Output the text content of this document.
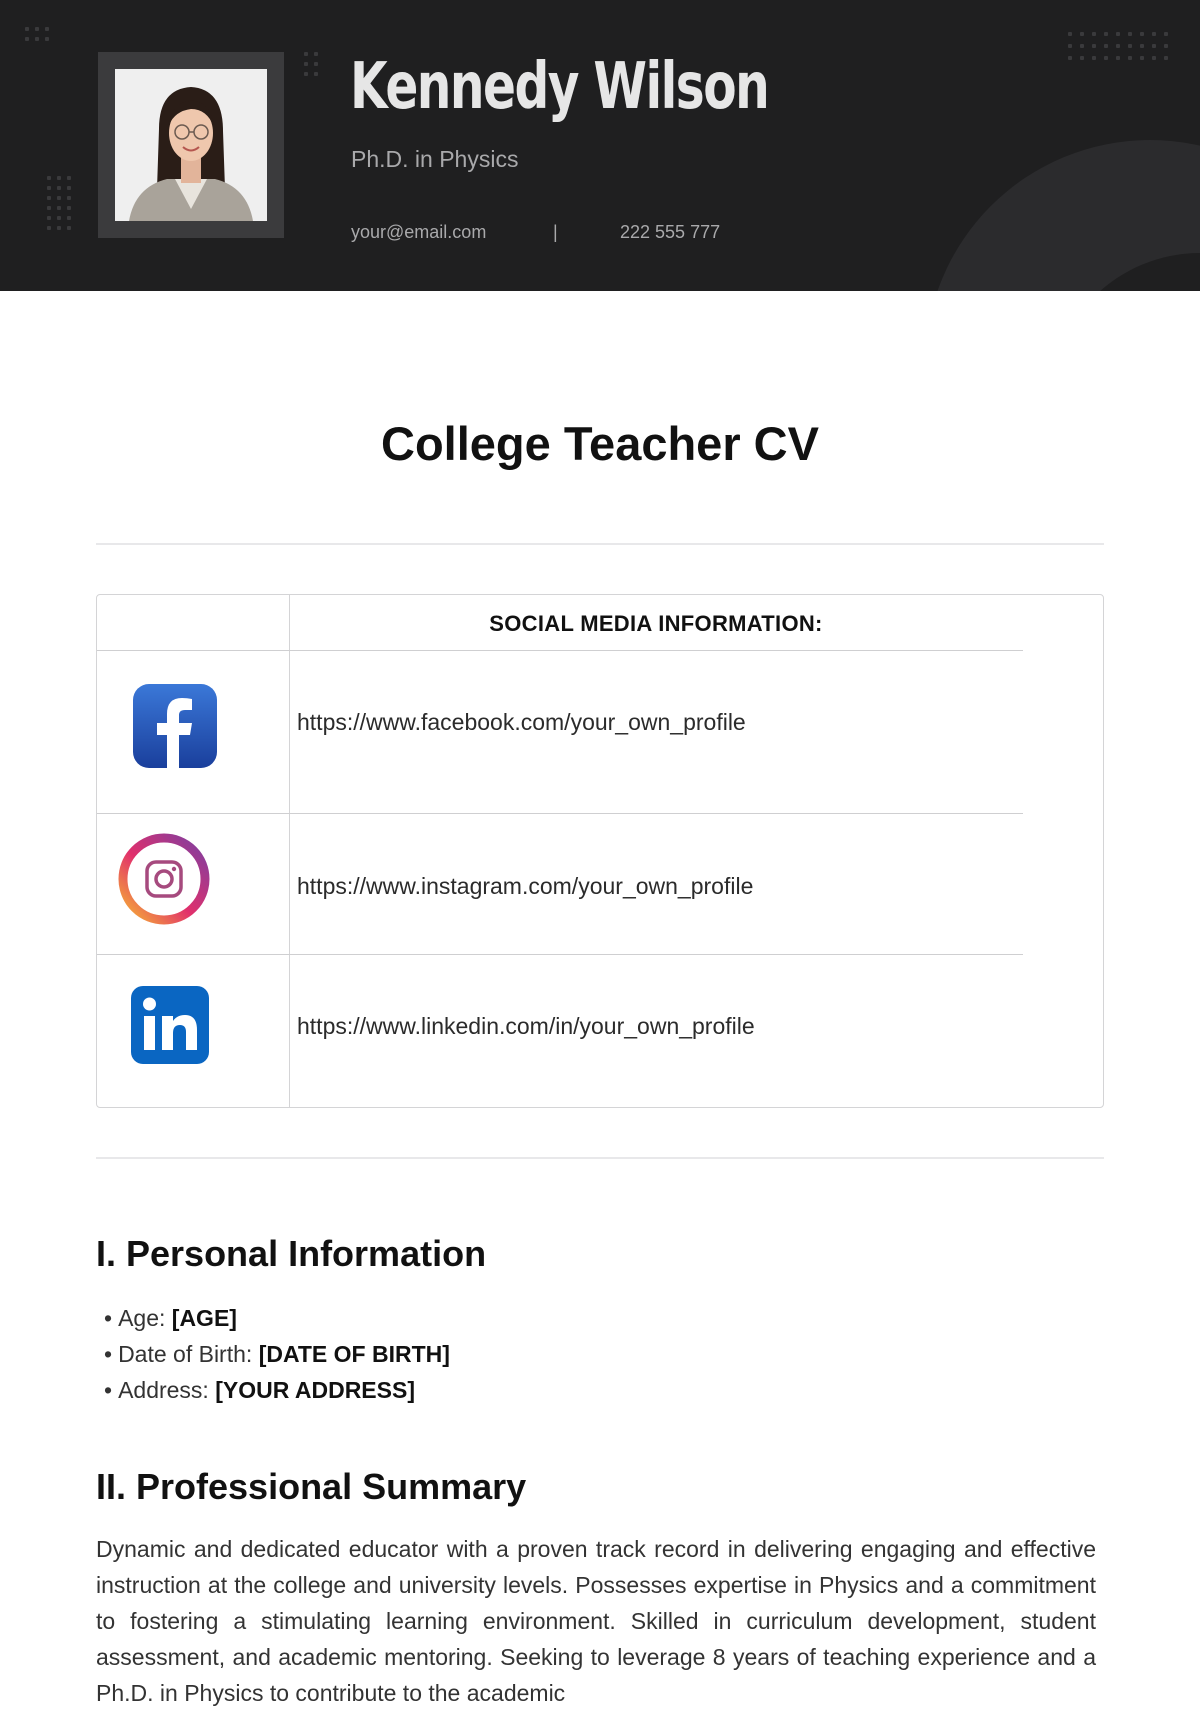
Kennedy Wilson
Ph.D. in Physics
your@email.com	|	222 555 777
College Teacher CV
SOCIAL MEDIA INFORMATION:
https://www.facebook.com/your_own_profile
https://www.instagram.com/your_own_profile
https://www.linkedin.com/in/your_own_profile
I. Personal Information
• Age: [AGE]
• Date of Birth: [DATE OF BIRTH]
• Address: [YOUR ADDRESS]
II. Professional Summary

Dynamic and dedicated educator with a proven track record in delivering engaging and effective instruction at the college and university levels. Possesses expertise in Physics and a commitment to fostering a stimulating learning environment. Skilled in curriculum development, student assessment, and academic mentoring. Seeking to leverage 8 years of teaching experience and a Ph.D. in Physics to contribute to the academic
